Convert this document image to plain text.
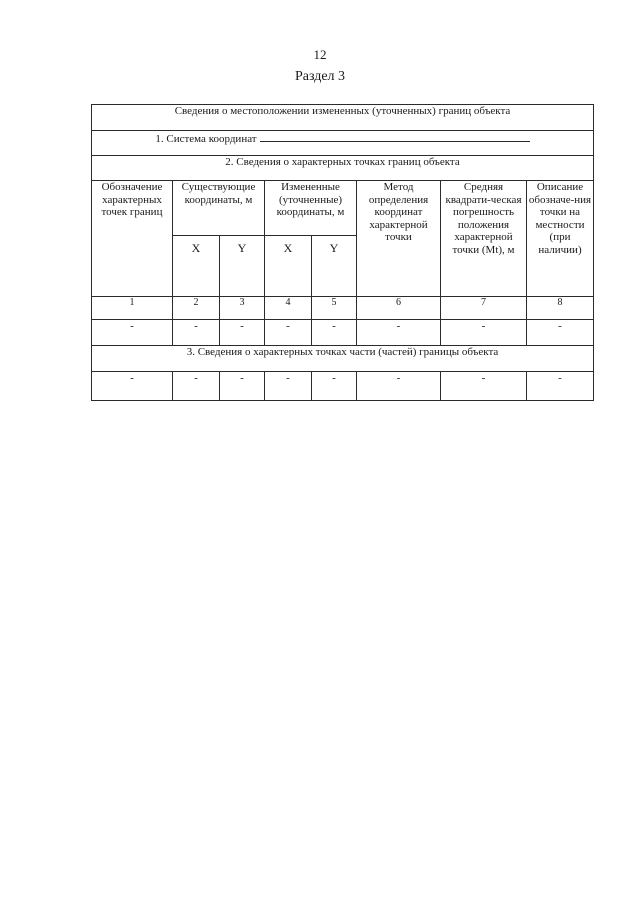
12
Раздел 3
Сведения о местоположении измененных (уточненных) границ объекта							
1. Система координат							
2. Сведения о характерных точках границ объекта							
Обозначение характерных точек границ	Существующие координаты, м		Измененные (уточненные) координаты, м		Метод определения координат характерной точки	Средняя квадрати-ческая погрешность положения характерной точки (Mt), м	Описание обозначе-ния точки на местности (при наличии)
	X	Y	X	Y			
1	2	3	4	5	6	7	8
-	-	-	-	-	-	-	-
3. Сведения о характерных точках части (частей) границы объекта							
-	-	-	-	-	-	-	-
